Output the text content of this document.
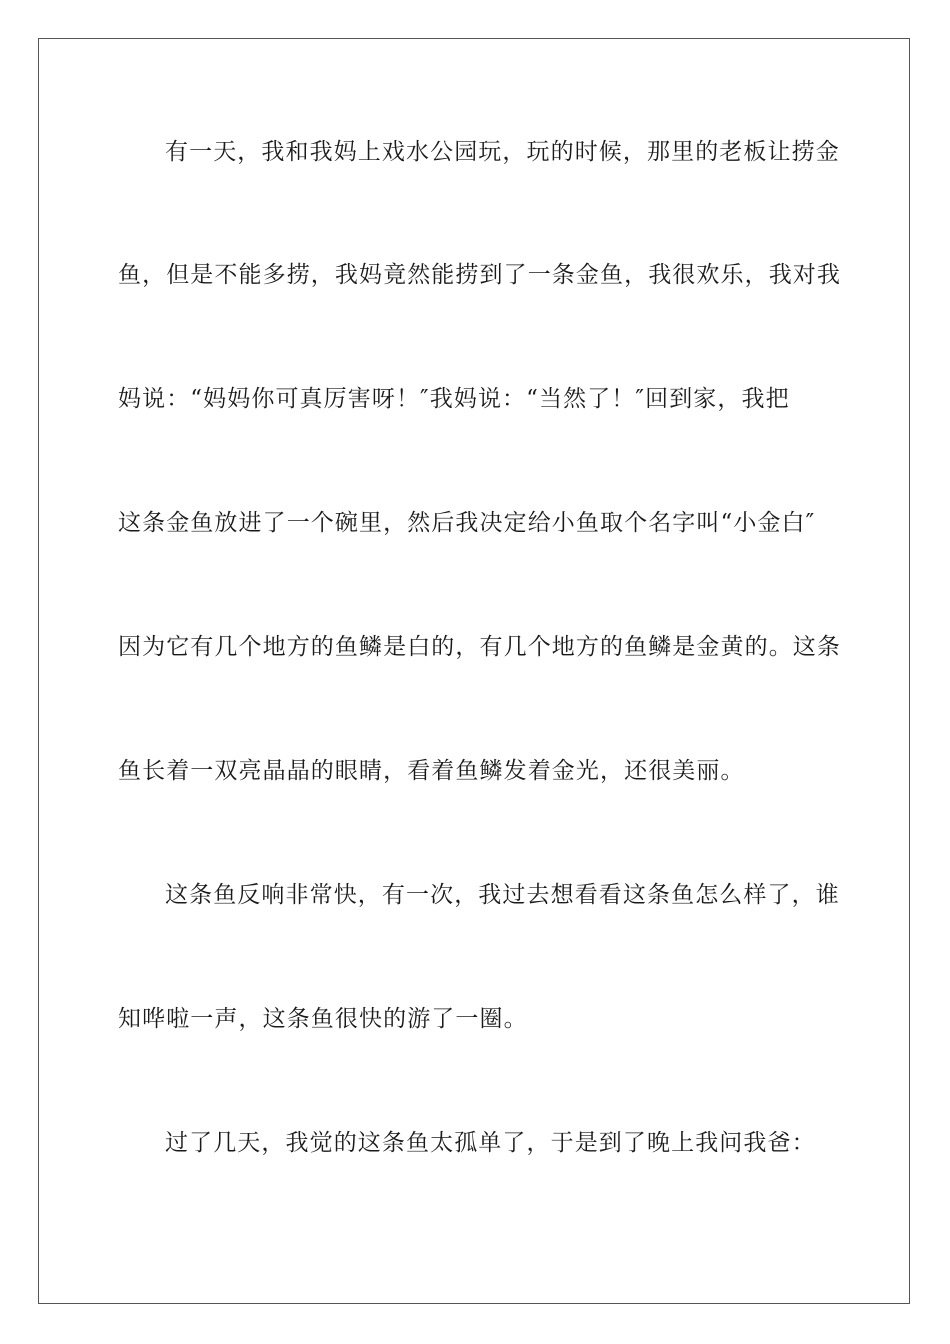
有一天，我和我妈上戏水公园玩，玩的时候，那里的老板让捞金
鱼，但是不能多捞，我妈竟然能捞到了一条金鱼，我很欢乐，我对我
妈说：“妈妈你可真厉害呀！″我妈说：“当然了！″回到家，我把
这条金鱼放进了一个碗里，然后我决定给小鱼取个名字叫“小金白″
因为它有几个地方的鱼鳞是白的，有几个地方的鱼鳞是金黄的。这条
鱼长着一双亮晶晶的眼睛，看着鱼鳞发着金光，还很美丽。
这条鱼反响非常快，有一次，我过去想看看这条鱼怎么样了，谁
知哗啦一声，这条鱼很快的游了一圈。
过了几天，我觉的这条鱼太孤单了，于是到了晚上我问我爸：
